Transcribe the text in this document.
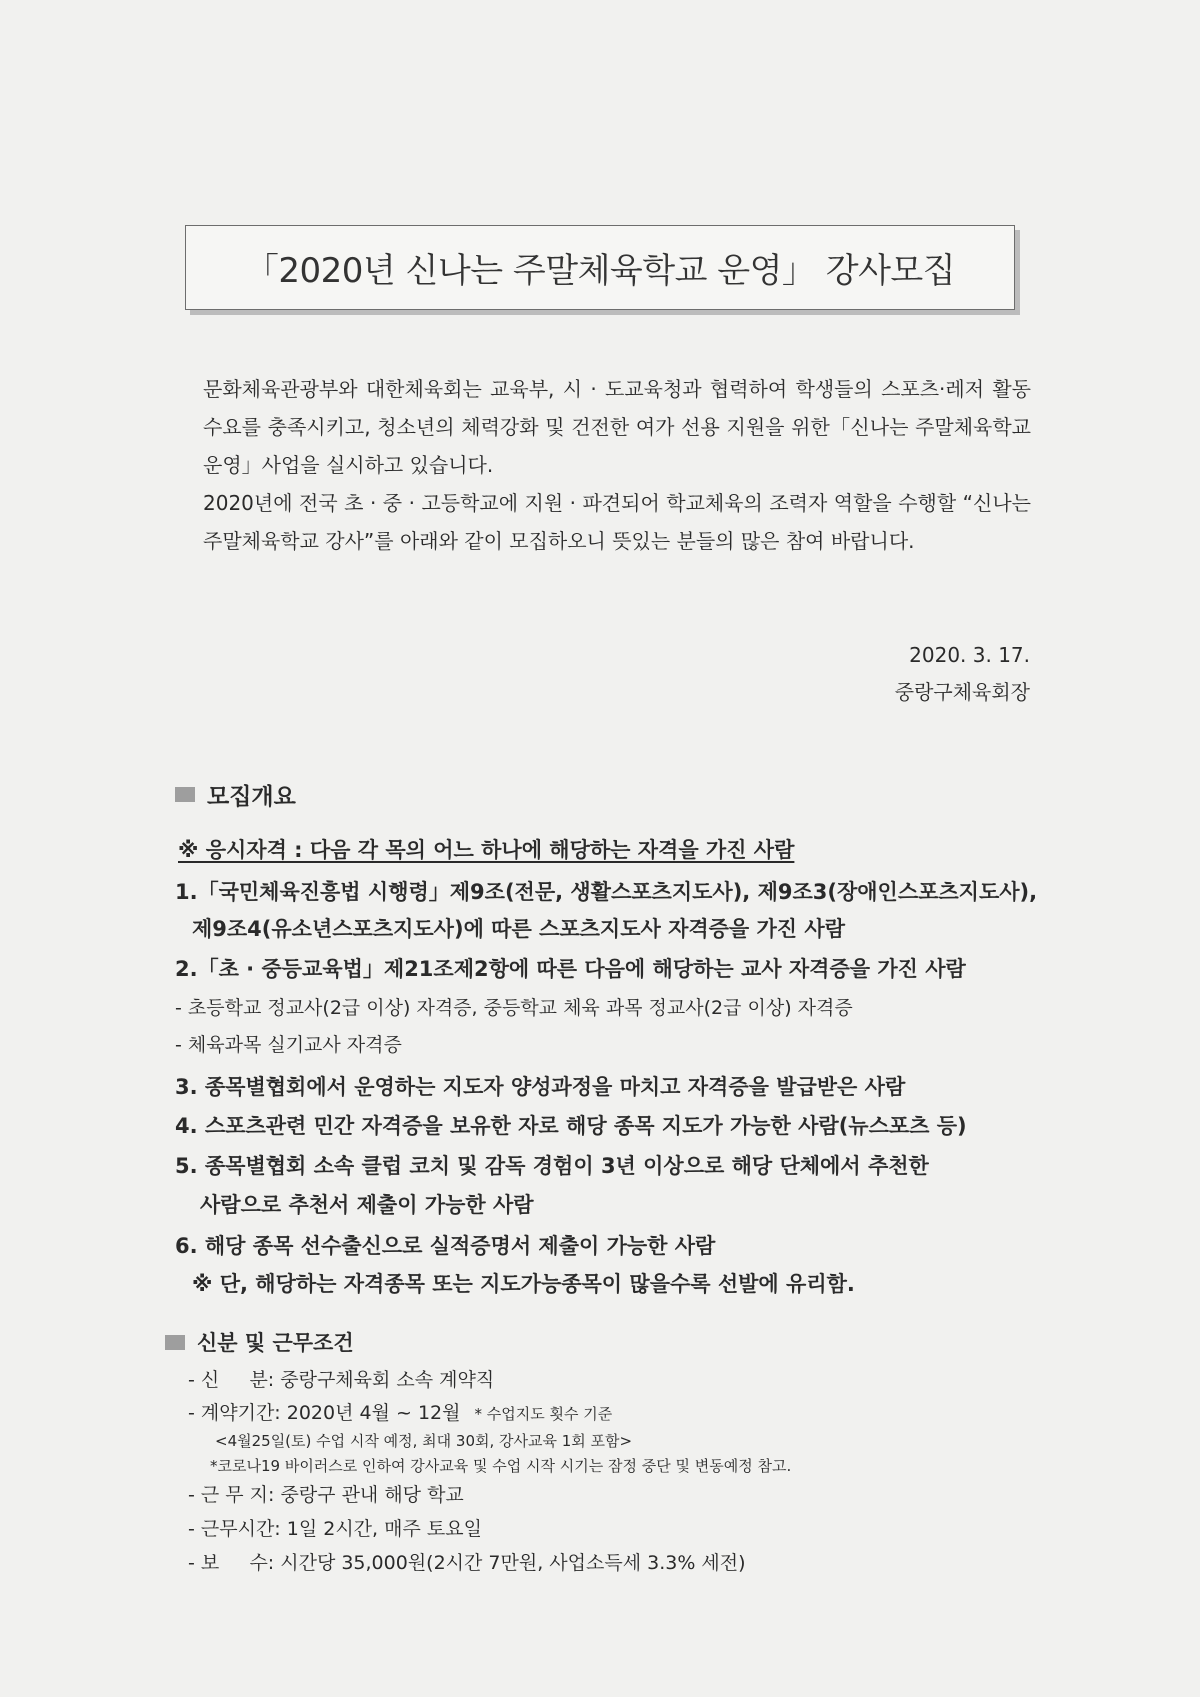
「2020년 신나는 주말체육학교 운영」 강사모집

문화체육관광부와 대한체육회는 교육부, 시 · 도교육청과 협력하여 학생들의 스포츠·레저 활동 수요를 충족시키고, 청소년의 체력강화 및 건전한 여가 선용 지원을 위한「신나는 주말체육학교 운영」사업을 실시하고 있습니다.

2020년에 전국 초 · 중 · 고등학교에 지원 · 파견되어 학교체육의 조력자 역할을 수행할 “신나는 주말체육학교 강사”를 아래와 같이 모집하오니 뜻있는 분들의 많은 참여 바랍니다.

2020. 3. 17.
중랑구체육회장
모집개요
※ 응시자격 : 다음 각 목의 어느 하나에 해당하는 자격을 가진 사람
1.「국민체육진흥법 시행령」제9조(전문, 생활스포츠지도사), 제9조3(장애인스포츠지도사),
제9조4(유소년스포츠지도사)에 따른 스포츠지도사 자격증을 가진 사람
2.「초 · 중등교육법」제21조제2항에 따른 다음에 해당하는 교사 자격증을 가진 사람
- 초등학교 정교사(2급 이상) 자격증, 중등학교 체육 과목 정교사(2급 이상) 자격증
- 체육과목 실기교사 자격증
3. 종목별협회에서 운영하는 지도자 양성과정을 마치고 자격증을 발급받은 사람
4. 스포츠관련 민간 자격증을 보유한 자로 해당 종목 지도가 가능한 사람(뉴스포츠 등)
5. 종목별협회 소속 클럽 코치 및 감독 경험이 3년 이상으로 해당 단체에서 추천한
사람으로 추천서 제출이 가능한 사람
6. 해당 종목 선수출신으로 실적증명서 제출이 가능한 사람
※ 단, 해당하는 자격종목 또는 지도가능종목이 많을수록 선발에 유리함.
신분 및 근무조건
- 신     분: 중랑구체육회 소속 계약직
- 계약기간: 2020년 4월 ~ 12월 * 수업지도 횟수 기준
<4월25일(토) 수업 시작 예정, 최대 30회, 강사교육 1회 포함>
*코로나19 바이러스로 인하여 강사교육 및 수업 시작 시기는 잠정 중단 및 변동예정 참고.
- 근 무 지: 중랑구 관내 해당 학교
- 근무시간: 1일 2시간, 매주 토요일
- 보     수: 시간당 35,000원(2시간 7만원, 사업소득세 3.3% 세전)
